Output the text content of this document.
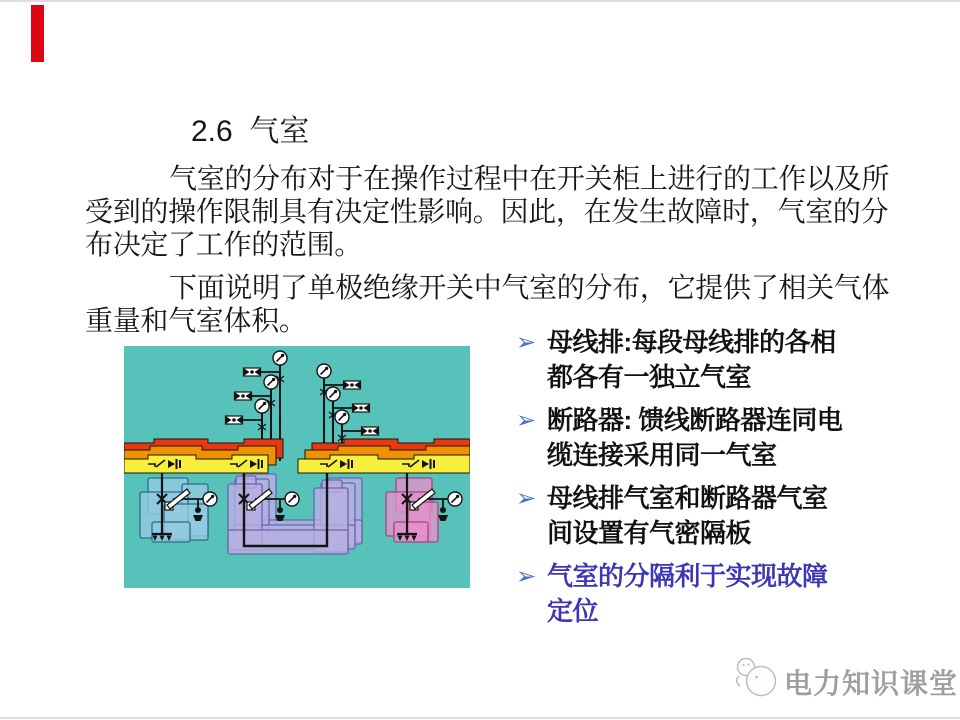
2.6  气室
气室的分布对于在操作过程中在开关柜上进行的工作以及所
受到的操作限制具有决定性影响。因此，在发生故障时，气室的分
布决定了工作的范围。
下面说明了单极绝缘开关中气室的分布，它提供了相关气体
重量和气室体积。
➢ 母线排:每段母线排的各相
都各有一独立气室
➢ 断路器: 馈线断路器连同电
缆连接采用同一气室
➢ 母线排气室和断路器气室
间设置有气密隔板
➢ 气室的分隔利于实现故障
定位
电力知识课堂
